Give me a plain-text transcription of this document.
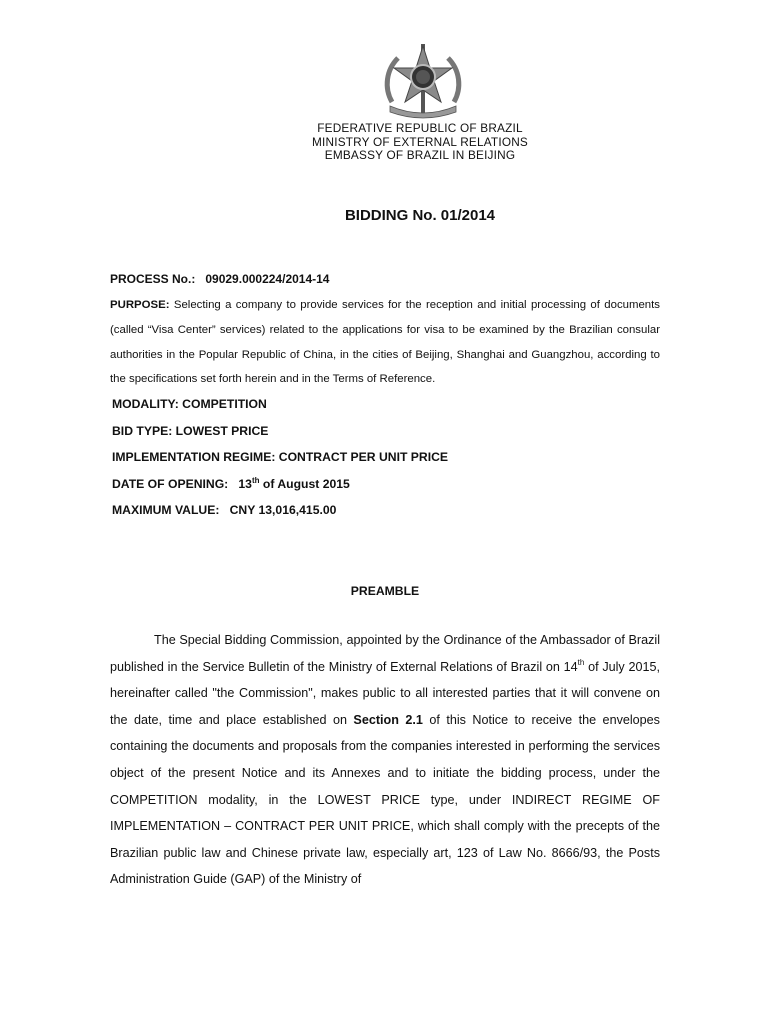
FEDERATIVE REPUBLIC OF BRAZIL
MINISTRY OF EXTERNAL RELATIONS
EMBASSY OF BRAZIL IN BEIJING
BIDDING No. 01/2014
PROCESS No.: 09029.000224/2014-14
PURPOSE: Selecting a company to provide services for the reception and initial processing of documents (called “Visa Center” services) related to the applications for visa to be examined by the Brazilian consular authorities in the Popular Republic of China, in the cities of Beijing, Shanghai and Guangzhou, according to the specifications set forth herein and in the Terms of Reference.
MODALITY: COMPETITION
BID TYPE: LOWEST PRICE
IMPLEMENTATION REGIME: CONTRACT PER UNIT PRICE
DATE OF OPENING: 13th of August 2015
MAXIMUM VALUE: CNY 13,016,415.00
PREAMBLE
The Special Bidding Commission, appointed by the Ordinance of the Ambassador of Brazil published in the Service Bulletin of the Ministry of External Relations of Brazil on 14th of July 2015, hereinafter called "the Commission", makes public to all interested parties that it will convene on the date, time and place established on Section 2.1 of this Notice to receive the envelopes containing the documents and proposals from the companies interested in performing the services object of the present Notice and its Annexes and to initiate the bidding process, under the COMPETITION modality, in the LOWEST PRICE type, under INDIRECT REGIME OF IMPLEMENTATION – CONTRACT PER UNIT PRICE, which shall comply with the precepts of the Brazilian public law and Chinese private law, especially art, 123 of Law No. 8666/93, the Posts Administration Guide (GAP) of the Ministry of
